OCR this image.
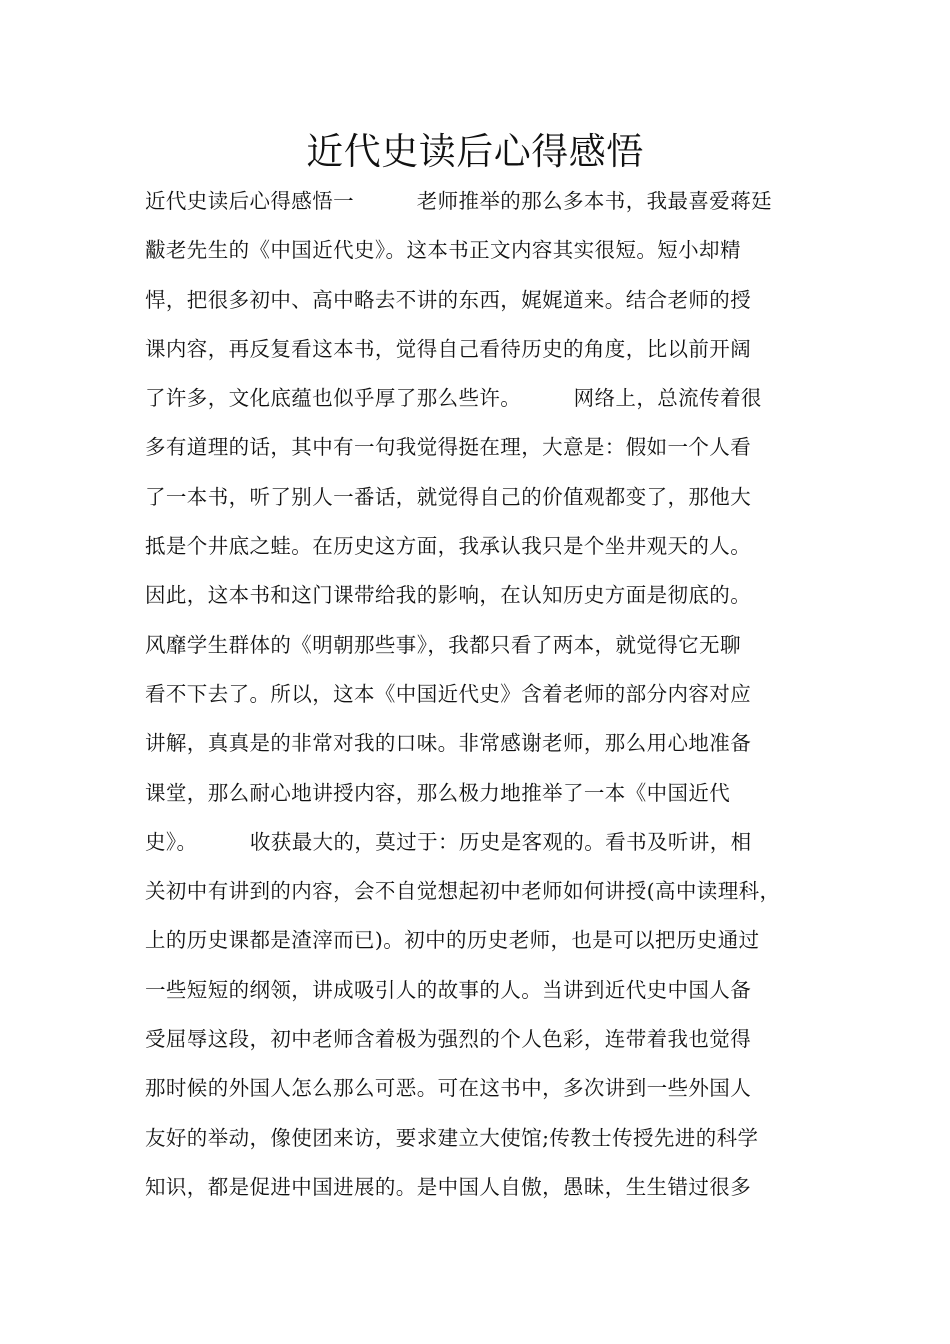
近代史读后心得感悟
近代史读后心得感悟一　　　老师推举的那么多本书，我最喜爱蒋廷
黻老先生的《中国近代史》。这本书正文内容其实很短。短小却精
悍，把很多初中、高中略去不讲的东西，娓娓道来。结合老师的授
课内容，再反复看这本书，觉得自己看待历史的角度，比以前开阔
了许多，文化底蕴也似乎厚了那么些许。　　　网络上，总流传着很
多有道理的话，其中有一句我觉得挺在理，大意是：假如一个人看
了一本书，听了别人一番话，就觉得自己的价值观都变了，那他大
抵是个井底之蛙。在历史这方面，我承认我只是个坐井观天的人。
因此，这本书和这门课带给我的影响，在认知历史方面是彻底的。
风靡学生群体的《明朝那些事》，我都只看了两本，就觉得它无聊
看不下去了。所以，这本《中国近代史》含着老师的部分内容对应
讲解，真真是的非常对我的口味。非常感谢老师，那么用心地准备
课堂，那么耐心地讲授内容，那么极力地推举了一本《中国近代
史》。　　　收获最大的，莫过于：历史是客观的。看书及听讲，相
关初中有讲到的内容，会不自觉想起初中老师如何讲授(高中读理科，
上的历史课都是渣滓而已)。初中的历史老师，也是可以把历史通过
一些短短的纲领，讲成吸引人的故事的人。当讲到近代史中国人备
受屈辱这段，初中老师含着极为强烈的个人色彩，连带着我也觉得
那时候的外国人怎么那么可恶。可在这书中，多次讲到一些外国人
友好的举动，像使团来访，要求建立大使馆;传教士传授先进的科学
知识，都是促进中国进展的。是中国人自傲，愚昧，生生错过很多
